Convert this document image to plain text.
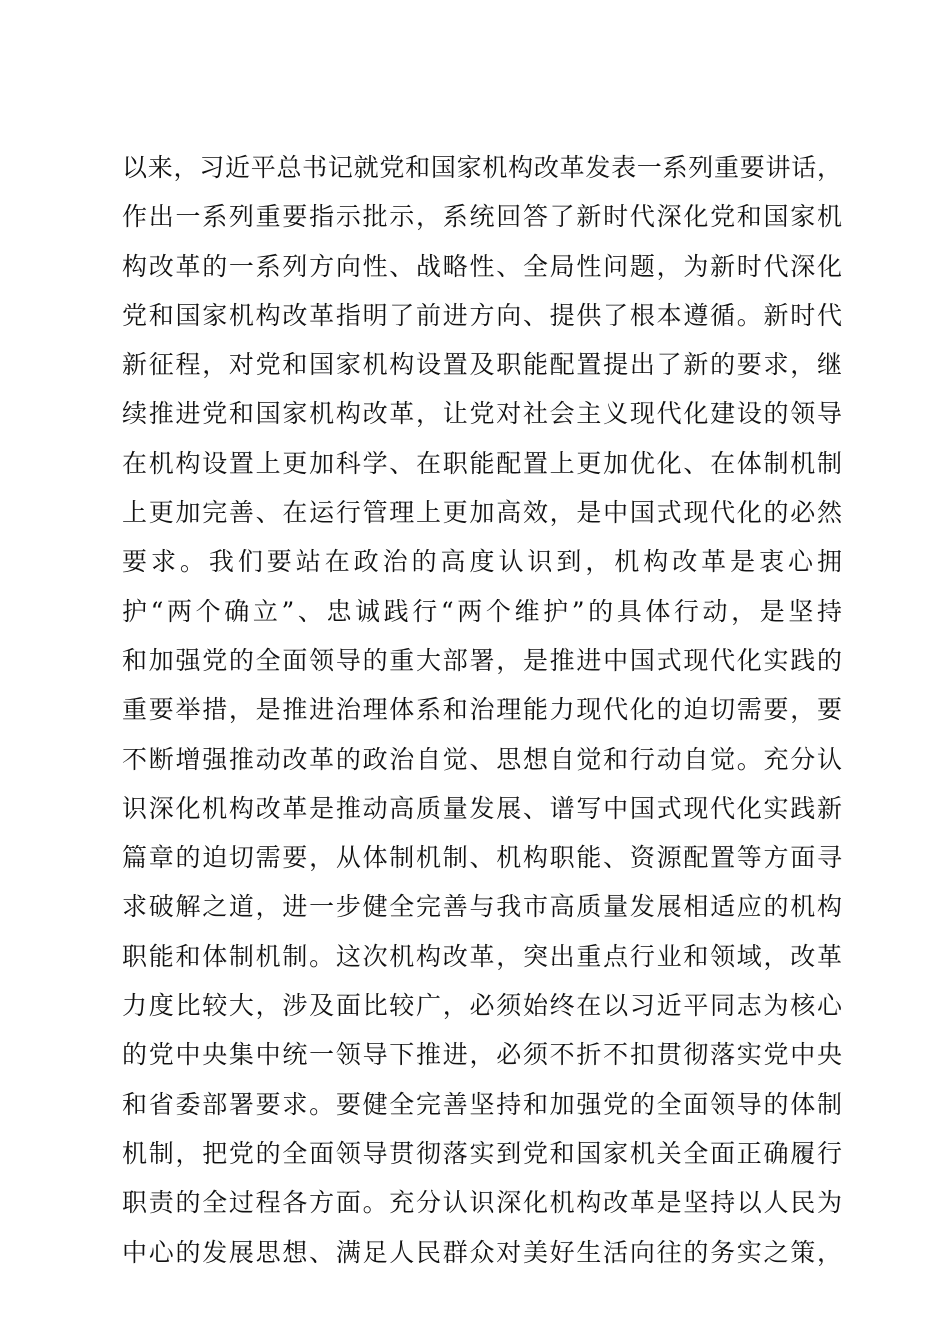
以来，习近平总书记就党和国家机构改革发表一系列重要讲话，
作出一系列重要指示批示，系统回答了新时代深化党和国家机
构改革的一系列方向性、战略性、全局性问题，为新时代深化
党和国家机构改革指明了前进方向、提供了根本遵循。新时代
新征程，对党和国家机构设置及职能配置提出了新的要求，继
续推进党和国家机构改革，让党对社会主义现代化建设的领导
在机构设置上更加科学、在职能配置上更加优化、在体制机制
上更加完善、在运行管理上更加高效，是中国式现代化的必然
要求。我们要站在政治的高度认识到，机构改革是衷心拥
护“两个确立”、忠诚践行“两个维护”的具体行动，是坚持
和加强党的全面领导的重大部署，是推进中国式现代化实践的
重要举措，是推进治理体系和治理能力现代化的迫切需要，要
不断增强推动改革的政治自觉、思想自觉和行动自觉。充分认
识深化机构改革是推动高质量发展、谱写中国式现代化实践新
篇章的迫切需要，从体制机制、机构职能、资源配置等方面寻
求破解之道，进一步健全完善与我市高质量发展相适应的机构
职能和体制机制。这次机构改革，突出重点行业和领域，改革
力度比较大，涉及面比较广，必须始终在以习近平同志为核心
的党中央集中统一领导下推进，必须不折不扣贯彻落实党中央
和省委部署要求。要健全完善坚持和加强党的全面领导的体制
机制，把党的全面领导贯彻落实到党和国家机关全面正确履行
职责的全过程各方面。充分认识深化机构改革是坚持以人民为
中心的发展思想、满足人民群众对美好生活向往的务实之策，
